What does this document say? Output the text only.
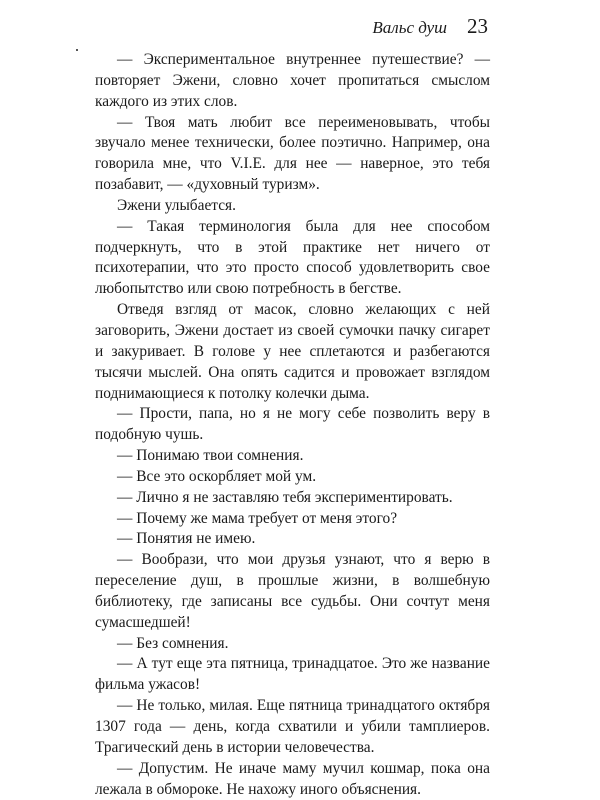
Вальс душ 23

— Экспериментальное внутреннее путешествие? — повторяет Эжени, словно хочет пропитаться смыслом каждого из этих слов.

— Твоя мать любит все переименовывать, чтобы звучало менее технически, более поэтично. Например, она говорила мне, что V.I.E. для нее — наверное, это тебя позабавит, — «духовный туризм».

Эжени улыбается.

— Такая терминология была для нее способом подчеркнуть, что в этой практике нет ничего от психотерапии, что это просто способ удовлетворить свое любопытство или свою потребность в бегстве.

Отведя взгляд от масок, словно желающих с ней заговорить, Эжени достает из своей сумочки пачку сигарет и закуривает. В голове у нее сплетаются и разбегаются тысячи мыслей. Она опять садится и провожает взглядом поднимающиеся к потолку колечки дыма.

— Прости, папа, но я не могу себе позволить веру в подобную чушь.

— Понимаю твои сомнения.

— Все это оскорбляет мой ум.

— Лично я не заставляю тебя экспериментировать.

— Почему же мама требует от меня этого?

— Понятия не имею.

— Вообрази, что мои друзья узнают, что я верю в переселение душ, в прошлые жизни, в волшебную библиотеку, где записаны все судьбы. Они сочтут меня сумасшедшей!

— Без сомнения.

— А тут еще эта пятница, тринадцатое. Это же название фильма ужасов!

— Не только, милая. Еще пятница тринадцатого октября 1307 года — день, когда схватили и убили тамплиеров. Трагический день в истории человечества.

— Допустим. Не иначе маму мучил кошмар, пока она лежала в обмороке. Не нахожу иного объяснения.
